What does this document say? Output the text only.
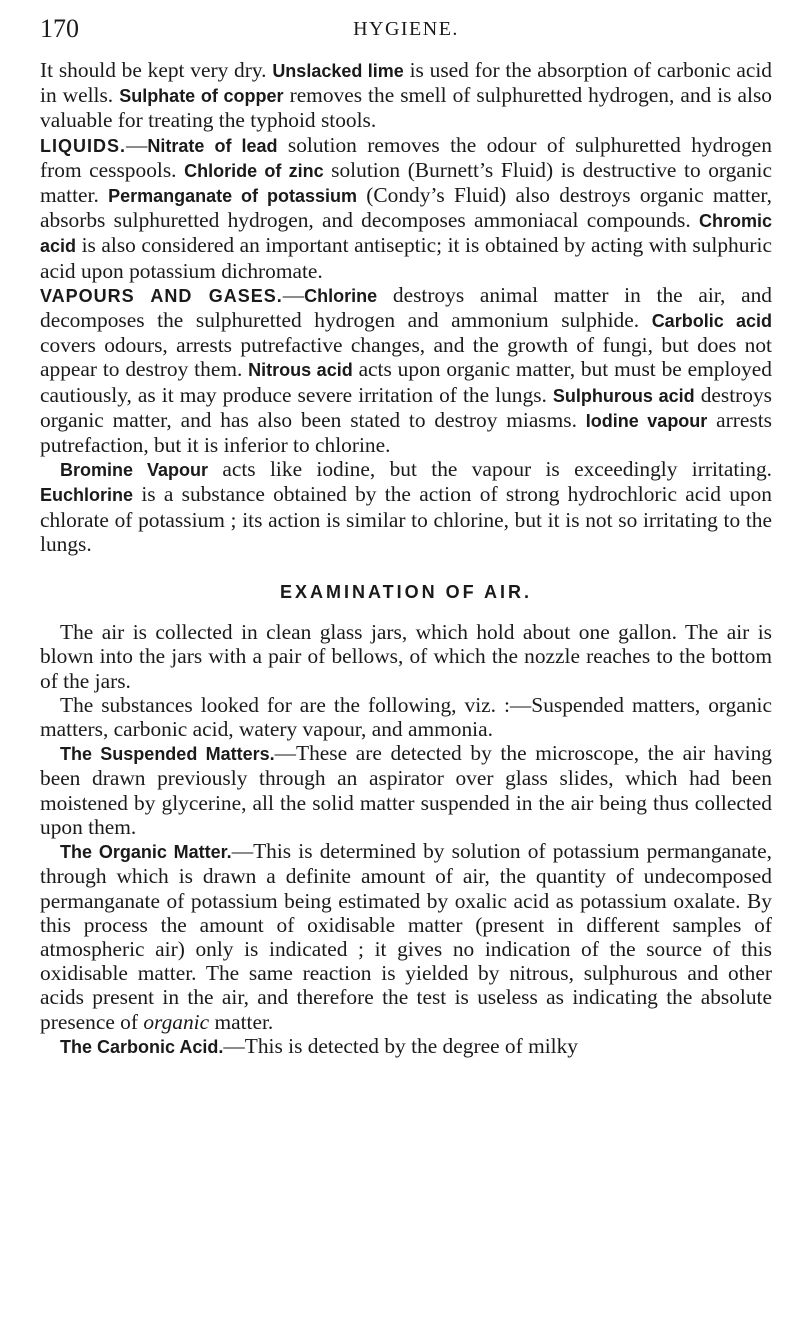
170	HYGIENE.

It should be kept very dry. Unslacked lime is used for the absorption of carbonic acid in wells. Sulphate of copper removes the smell of sulphuretted hydrogen, and is also valuable for treating the typhoid stools.

LIQUIDS.—Nitrate of lead solution removes the odour of sulphuretted hydrogen from cesspools. Chloride of zinc solution (Burnett’s Fluid) is destructive to organic matter. Permanganate of potassium (Condy’s Fluid) also destroys organic matter, absorbs sulphuretted hydrogen, and decomposes ammoniacal compounds. Chromic acid is also considered an important antiseptic; it is obtained by acting with sulphuric acid upon potassium dichromate.

VAPOURS AND GASES.—Chlorine destroys animal matter in the air, and decomposes the sulphuretted hydrogen and ammonium sulphide. Carbolic acid covers odours, arrests putrefactive changes, and the growth of fungi, but does not appear to destroy them. Nitrous acid acts upon organic matter, but must be employed cautiously, as it may produce severe irritation of the lungs. Sulphurous acid destroys organic matter, and has also been stated to destroy miasms. Iodine vapour arrests putrefaction, but it is inferior to chlorine.

Bromine Vapour acts like iodine, but the vapour is exceedingly irritating. Euchlorine is a substance obtained by the action of strong hydrochloric acid upon chlorate of potassium ; its action is similar to chlorine, but it is not so irritating to the lungs.

EXAMINATION OF AIR.

The air is collected in clean glass jars, which hold about one gallon. The air is blown into the jars with a pair of bellows, of which the nozzle reaches to the bottom of the jars.

The substances looked for are the following, viz. :—Suspended matters, organic matters, carbonic acid, watery vapour, and ammonia.

The Suspended Matters.—These are detected by the microscope, the air having been drawn previously through an aspirator over glass slides, which had been moistened by glycerine, all the solid matter suspended in the air being thus collected upon them.

The Organic Matter.—This is determined by solution of potassium permanganate, through which is drawn a definite amount of air, the quantity of undecomposed permanganate of potassium being estimated by oxalic acid as potassium oxalate. By this process the amount of oxidisable matter (present in different samples of atmospheric air) only is indicated ; it gives no indication of the source of this oxidisable matter. The same reaction is yielded by nitrous, sulphurous and other acids present in the air, and therefore the test is useless as indicating the absolute presence of organic matter.

The Carbonic Acid.—This is detected by the degree of milky
